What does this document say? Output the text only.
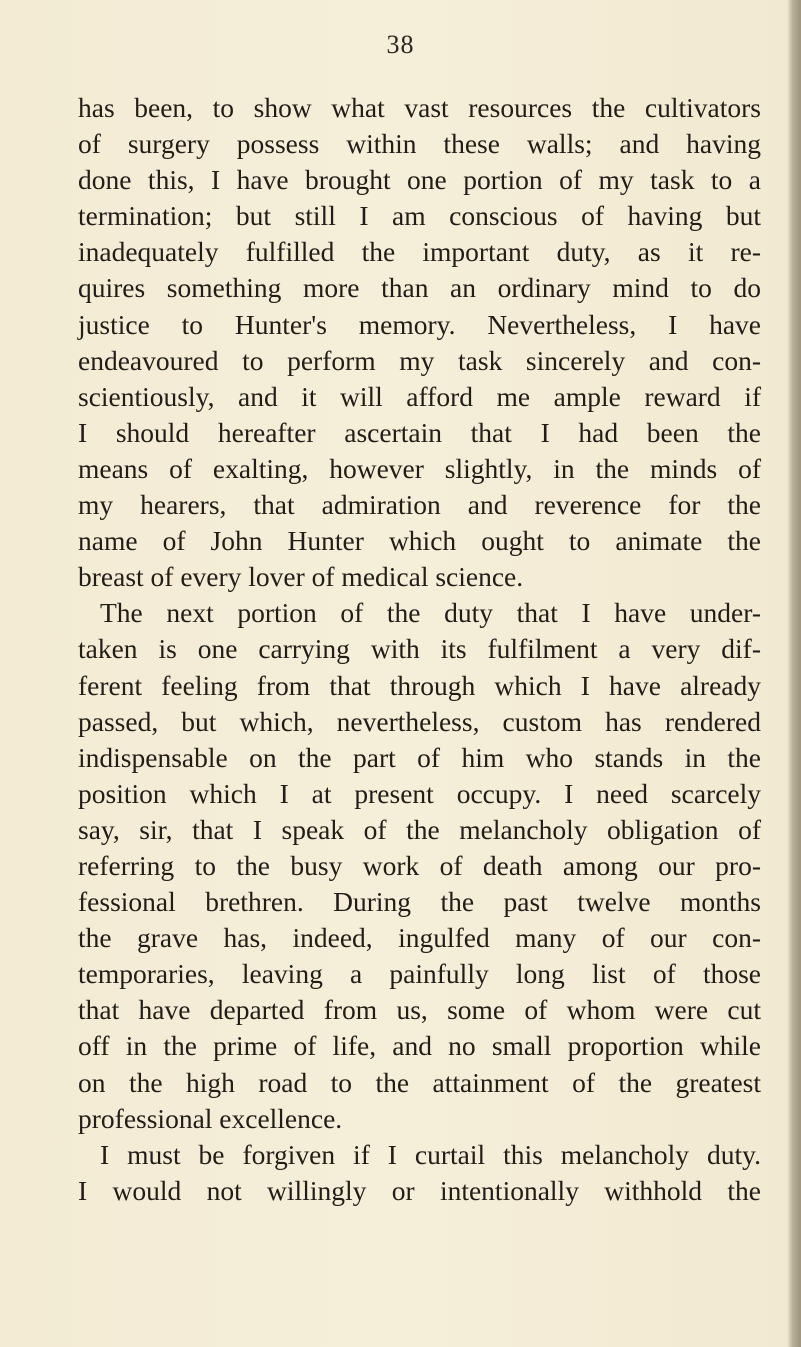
38
has been, to show what vast resources the cultivators
of surgery possess within these walls; and having
done this, I have brought one portion of my task to a
termination; but still I am conscious of having but
inadequately fulfilled the important duty, as it re-
quires something more than an ordinary mind to do
justice to Hunter's memory. Nevertheless, I have
endeavoured to perform my task sincerely and con-
scientiously, and it will afford me ample reward if
I should hereafter ascertain that I had been the
means of exalting, however slightly, in the minds of
my hearers, that admiration and reverence for the
name of John Hunter which ought to animate the
breast of every lover of medical science.
The next portion of the duty that I have under-
taken is one carrying with its fulfilment a very dif-
ferent feeling from that through which I have already
passed, but which, nevertheless, custom has rendered
indispensable on the part of him who stands in the
position which I at present occupy. I need scarcely
say, sir, that I speak of the melancholy obligation of
referring to the busy work of death among our pro-
fessional brethren. During the past twelve months
the grave has, indeed, ingulfed many of our con-
temporaries, leaving a painfully long list of those
that have departed from us, some of whom were cut
off in the prime of life, and no small proportion while
on the high road to the attainment of the greatest
professional excellence.
I must be forgiven if I curtail this melancholy duty.
I would not willingly or intentionally withhold the
